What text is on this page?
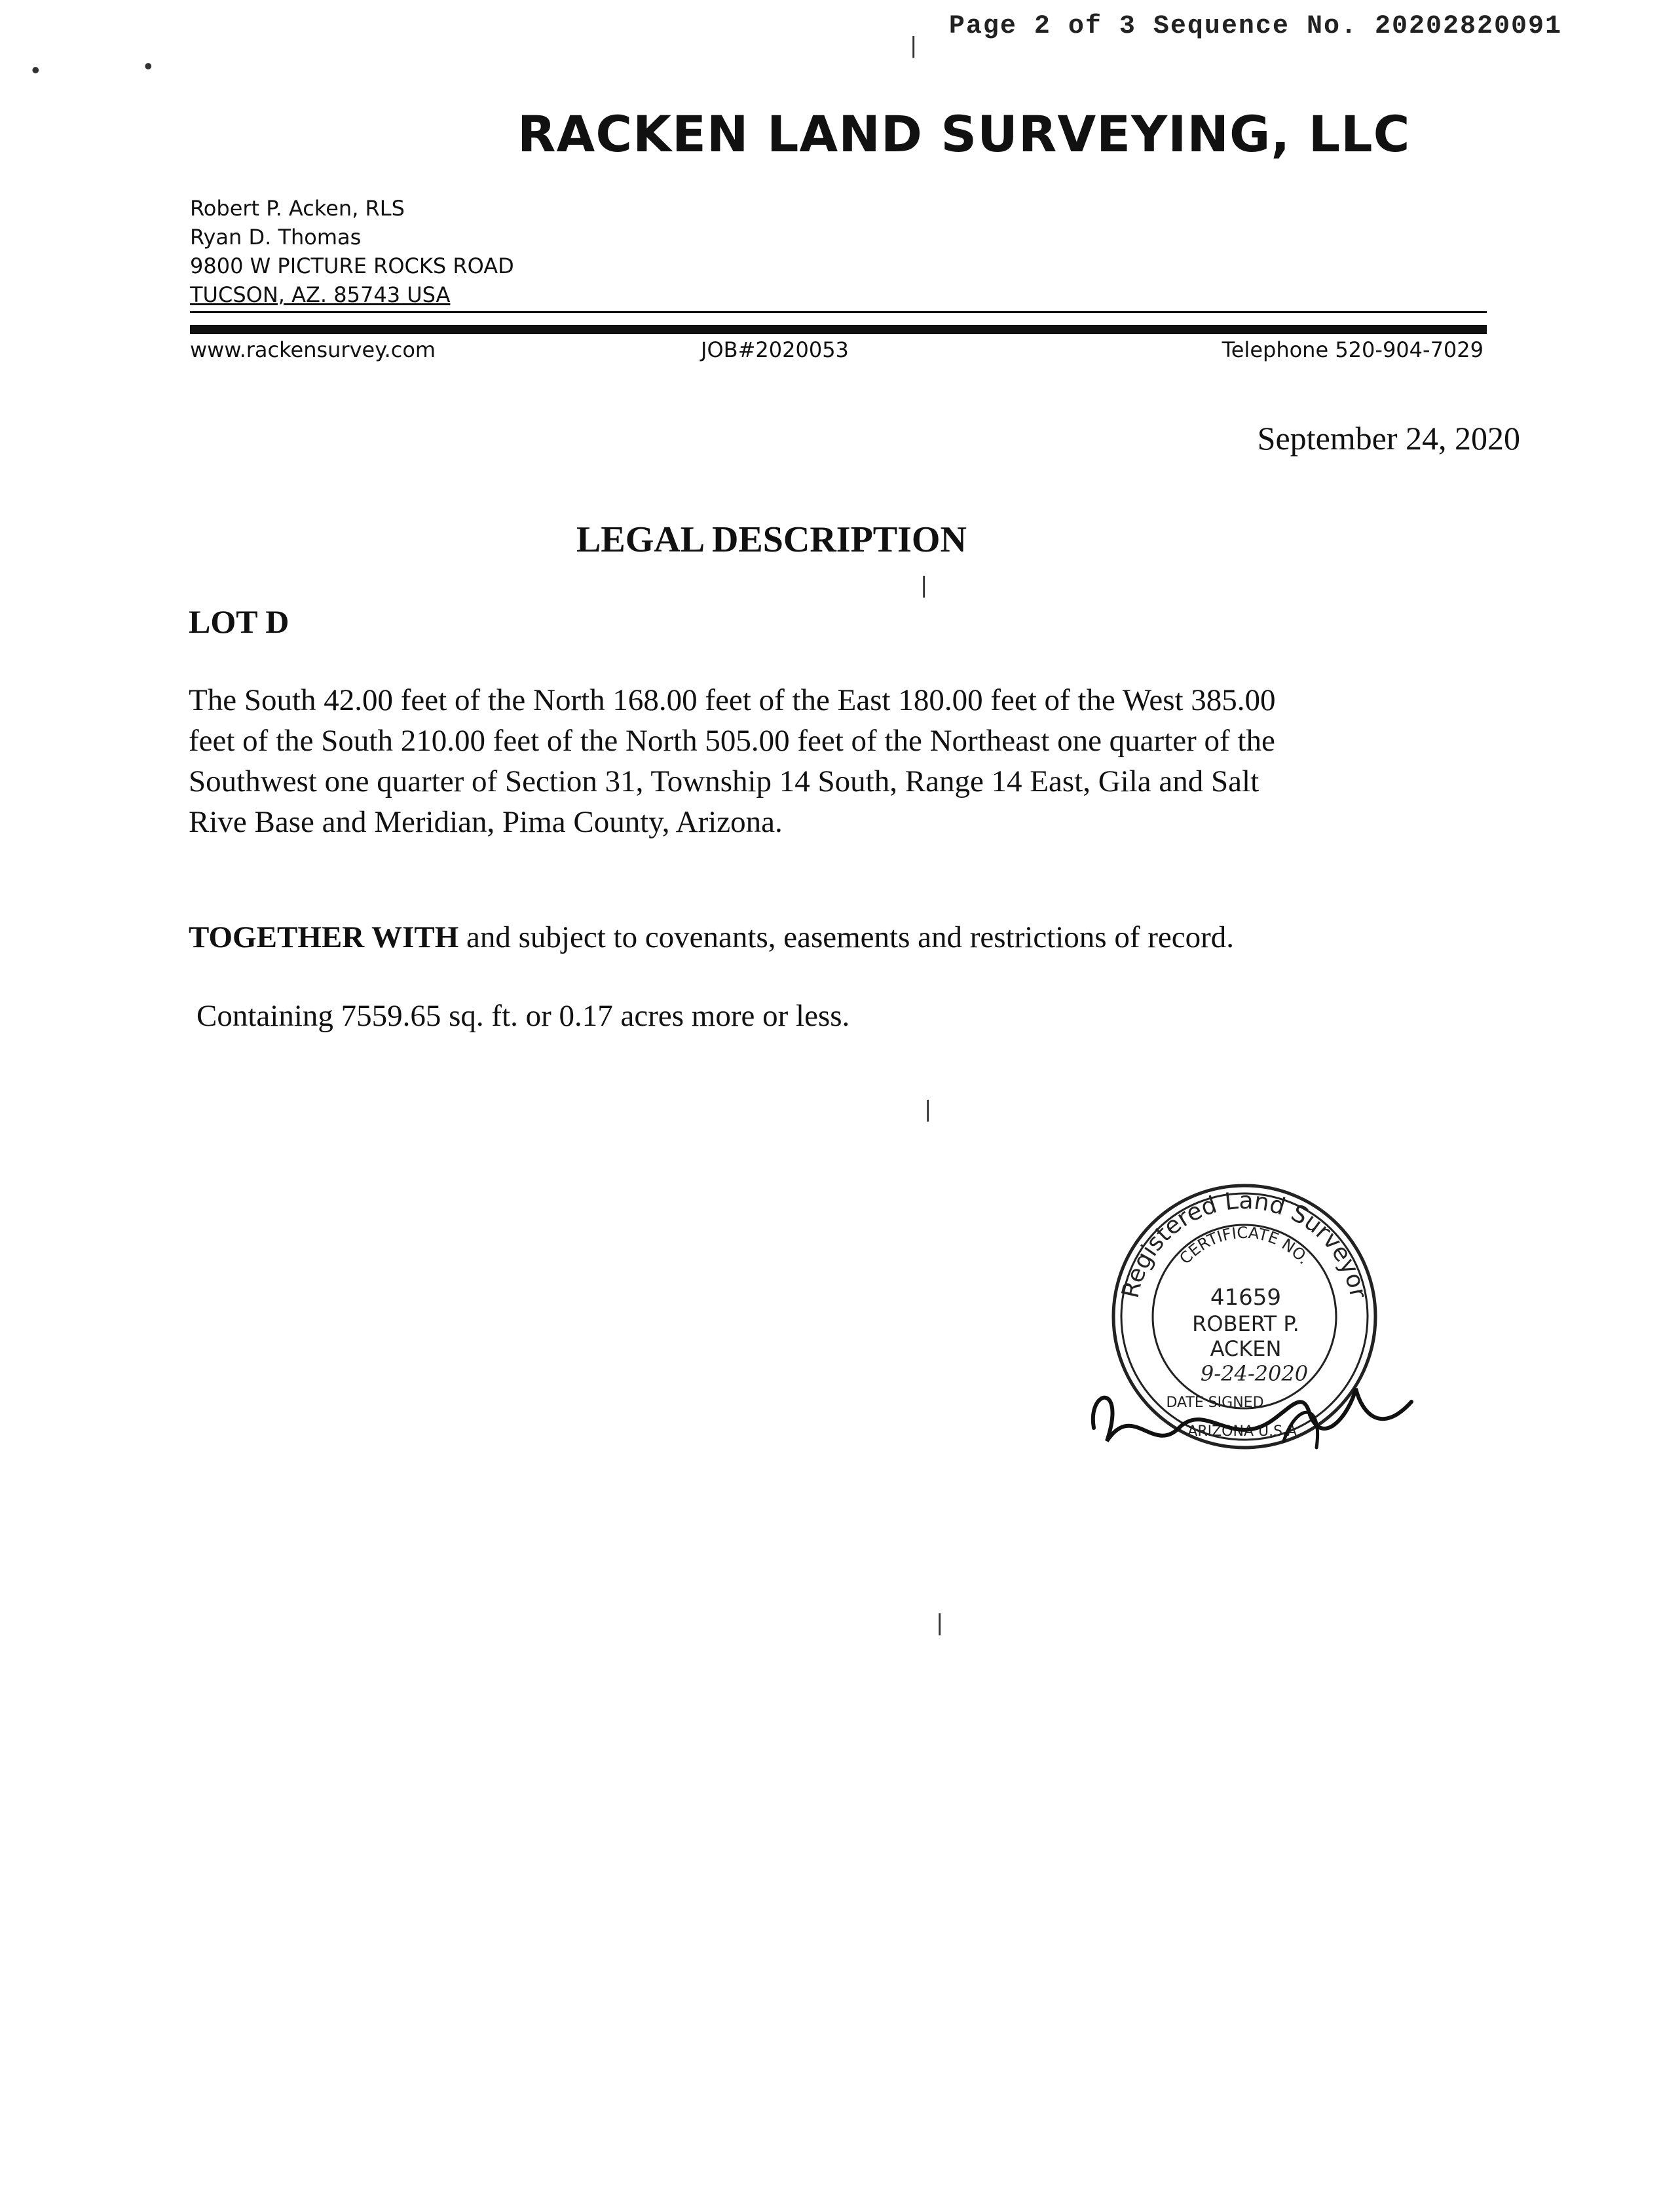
Page 2 of 3 Sequence No. 20202820091
RACKEN LAND SURVEYING, LLC
Robert P. Acken, RLS
Ryan D. Thomas
9800 W PICTURE ROCKS ROAD
TUCSON, AZ. 85743 USA
www.rackensurvey.com	JOB#2020053	Telephone 520-904-7029
September 24, 2020
LEGAL DESCRIPTION
LOT D
The South 42.00 feet of the North 168.00 feet of the East 180.00 feet of the West 385.00
feet of the South 210.00 feet of the North 505.00 feet of the Northeast one quarter of the
Southwest one quarter of Section 31, Township 14 South, Range 14 East, Gila and Salt
Rive Base and Meridian, Pima County, Arizona.
TOGETHER WITH and subject to covenants, easements and restrictions of record.
Containing 7559.65 sq. ft. or 0.17 acres more or less.
Registered Land Surveyor
CERTIFICATE NO.
41659
ROBERT P.
ACKEN
9-24-2020
DATE SIGNED
ARIZONA U.S.A.
|
•	•
|
|
|
